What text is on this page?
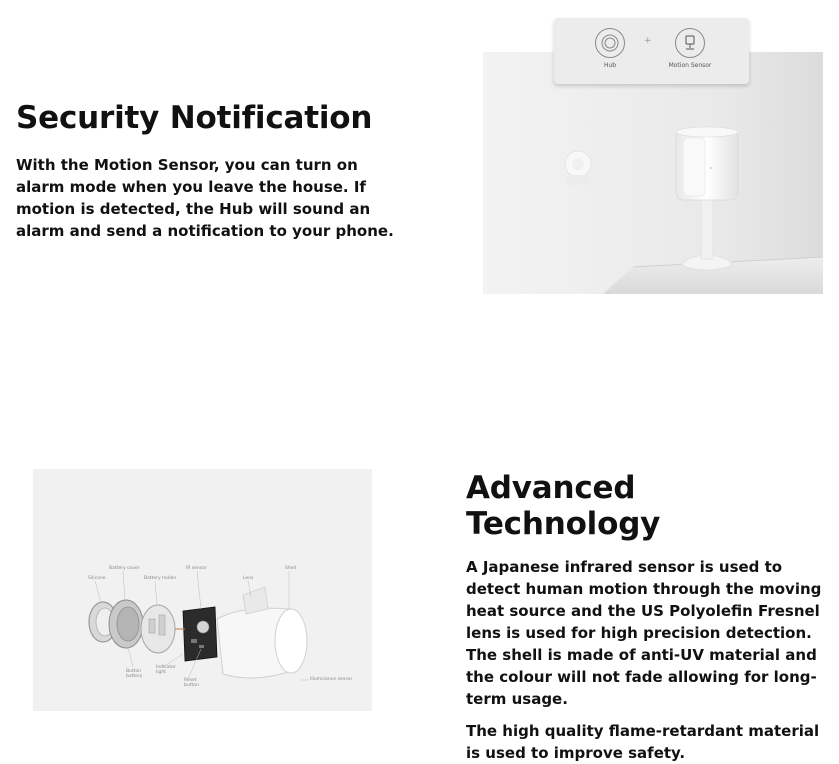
Security Notification

With the Motion Sensor, you can turn on alarm mode when you leave the house. If motion is detected, the Hub will sound an alarm and send a notification to your phone.

Hub
+
Motion Sensor
Silicone
Battery cover
Battery holder
IR sensor
Lens
Shell
Button battery
Indicator light
Reset button
Illuminance sensor
Advanced Technology

A Japanese infrared sensor is used to detect human motion through the moving heat source and the US Polyolefin Fresnel lens is used for high precision detection. The shell is made of anti-UV material and the colour will not fade allowing for long-term usage.

The high quality flame-retardant material is used to improve safety.
